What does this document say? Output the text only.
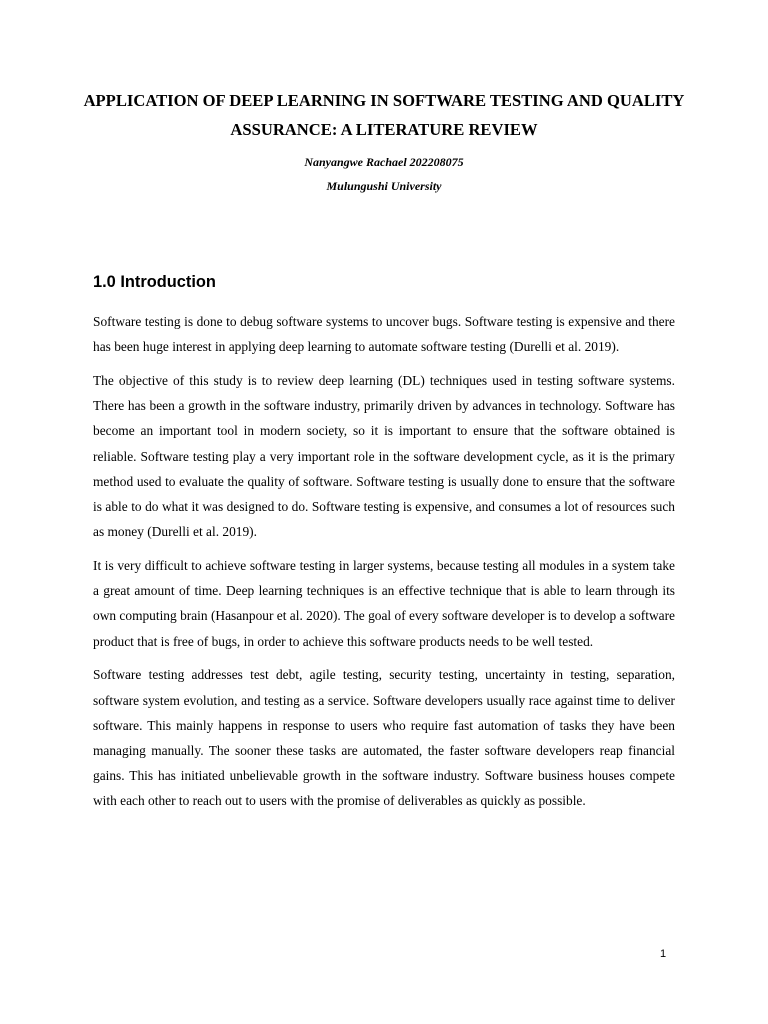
APPLICATION OF DEEP LEARNING IN SOFTWARE TESTING AND QUALITY ASSURANCE: A LITERATURE REVIEW

Nanyangwe Rachael 202208075

Mulungushi University

1.0 Introduction

Software testing is done to debug software systems to uncover bugs. Software testing is expensive and there has been huge interest in applying deep learning to automate software testing (Durelli et al. 2019).

The objective of this study is to review deep learning (DL) techniques used in testing software systems. There has been a growth in the software industry, primarily driven by advances in technology. Software has become an important tool in modern society, so it is important to ensure that the software obtained is reliable. Software testing play a very important role in the software development cycle, as it is the primary method used to evaluate the quality of software. Software testing is usually done to ensure that the software is able to do what it was designed to do. Software testing is expensive, and consumes a lot of resources such as money (Durelli et al. 2019).

It is very difficult to achieve software testing in larger systems, because testing all modules in a system take a great amount of time. Deep learning techniques is an effective technique that is able to learn through its own computing brain (Hasanpour et al. 2020). The goal of every software developer is to develop a software product that is free of bugs, in order to achieve this software products needs to be well tested.

Software testing addresses test debt, agile testing, security testing, uncertainty in testing, separation, software system evolution, and testing as a service. Software developers usually race against time to deliver software. This mainly happens in response to users who require fast automation of tasks they have been managing manually. The sooner these tasks are automated, the faster software developers reap financial gains. This has initiated unbelievable growth in the software industry. Software business houses compete with each other to reach out to users with the promise of deliverables as quickly as possible.

1
